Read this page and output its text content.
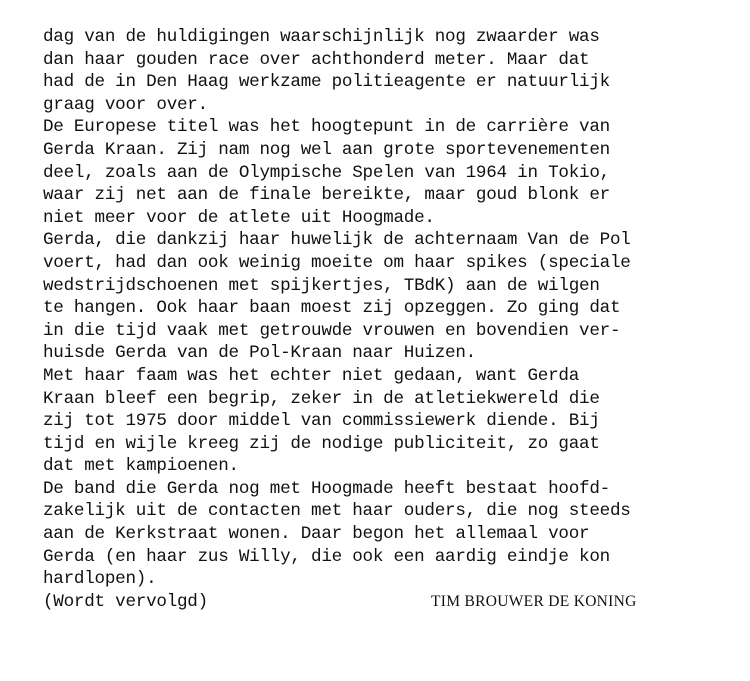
dag van de huldigingen waarschijnlijk nog zwaarder was
dan haar gouden race over achthonderd meter. Maar dat
had de in Den Haag werkzame politieagente er natuurlijk
graag voor over.
De Europese titel was het hoogtepunt in de carrière van
Gerda Kraan. Zij nam nog wel aan grote sportevenementen
deel, zoals aan de Olympische Spelen van 1964 in Tokio,
waar zij net aan de finale bereikte, maar goud blonk er
niet meer voor de atlete uit Hoogmade.
Gerda, die dankzij haar huwelijk de achternaam Van de Pol
voert, had dan ook weinig moeite om haar spikes (speciale
wedstrijdschoenen met spijkertjes, TBdK) aan de wilgen
te hangen. Ook haar baan moest zij opzeggen. Zo ging dat
in die tijd vaak met getrouwde vrouwen en bovendien ver-
huisde Gerda van de Pol-Kraan naar Huizen.
Met haar faam was het echter niet gedaan, want Gerda
Kraan bleef een begrip, zeker in de atletiekwereld die
zij tot 1975 door middel van commissiewerk diende. Bij
tijd en wijle kreeg zij de nodige publiciteit, zo gaat
dat met kampioenen.
De band die Gerda nog met Hoogmade heeft bestaat hoofd-
zakelijk uit de contacten met haar ouders, die nog steeds
aan de Kerkstraat wonen. Daar begon het allemaal voor
Gerda (en haar zus Willy, die ook een aardig eindje kon
hardlopen).

(Wordt vervolgd)

	TIM BROUWER DE KONING
